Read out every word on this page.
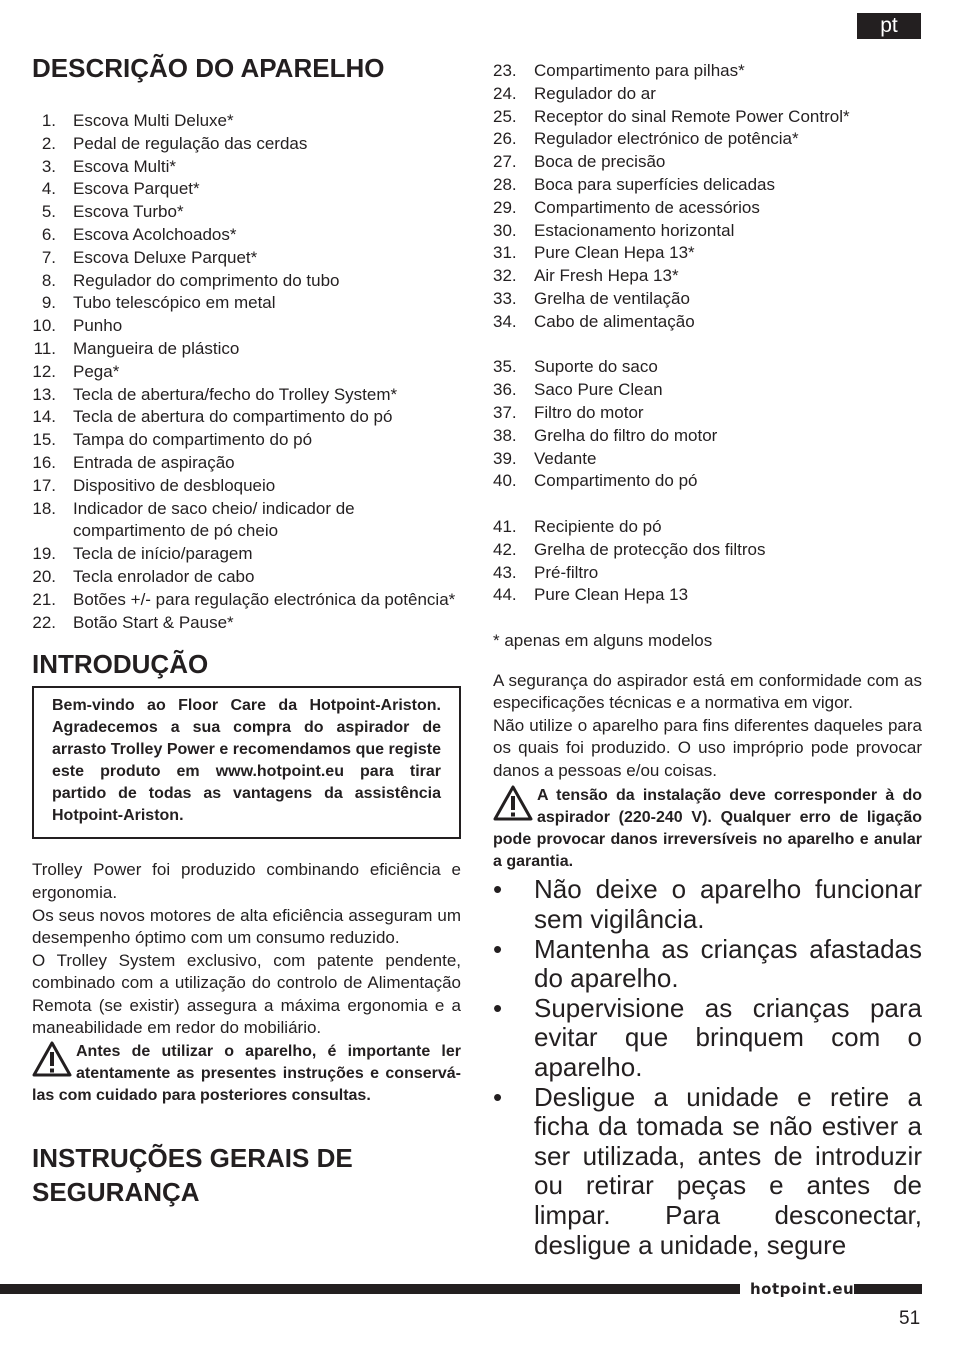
pt
DESCRIÇÃO DO APARELHO
1. Escova Multi Deluxe*
2. Pedal de regulação das cerdas
3. Escova Multi*
4. Escova Parquet*
5. Escova Turbo*
6. Escova Acolchoados*
7. Escova Deluxe Parquet*
8. Regulador do comprimento do tubo
9. Tubo telescópico em metal
10. Punho
11. Mangueira de plástico
12. Pega*
13. Tecla de abertura/fecho do Trolley System*
14. Tecla de abertura do compartimento do pó
15. Tampa do compartimento do pó
16. Entrada de aspiração
17. Dispositivo de desbloqueio
18. Indicador de saco cheio/ indicador de compartimento de pó cheio
19. Tecla de início/paragem
20. Tecla enrolador de cabo
21. Botões +/- para regulação electrónica da potência*
22. Botão Start & Pause*
INTRODUÇÃO
Bem-vindo ao Floor Care da Hotpoint-Ariston. Agradecemos a sua compra do aspirador de arrasto Trolley Power e recomendamos que registe este produto em www.hotpoint.eu para tirar partido de todas as vantagens da assistência Hotpoint-Ariston.

Trolley Power foi produzido combinando eficiência e ergonomia.

Os seus novos motores de alta eficiência asseguram um desempenho óptimo com um consumo reduzido.

O Trolley System exclusivo, com patente pendente, combinado com a utilização do controlo de Alimentação Remota (se existir) assegura a máxima ergonomia e a maneabilidade em redor do mobiliário.

Antes de utilizar o aparelho, é importante ler atentamente as presentes instruções e conservá-las com cuidado para posteriores consultas.
INSTRUÇÕES GERAIS DE SEGURANÇA
23. Compartimento para pilhas*
24. Regulador do ar
25. Receptor do sinal Remote Power Control*
26. Regulador electrónico de potência*
27. Boca de precisão
28. Boca para superfícies delicadas
29. Compartimento de acessórios
30. Estacionamento horizontal
31. Pure Clean Hepa 13*
32. Air Fresh Hepa 13*
33. Grelha de ventilação
34. Cabo de alimentação
35. Suporte do saco
36. Saco Pure Clean
37. Filtro do motor
38. Grelha do filtro do motor
39. Vedante
40. Compartimento do pó
41. Recipiente do pó
42. Grelha de protecção dos filtros
43. Pré-filtro
44. Pure Clean Hepa 13

* apenas em alguns modelos

A segurança do aspirador está em conformidade com as especificações técnicas e a normativa em vigor.

Não utilize o aparelho para fins diferentes daqueles para os quais foi produzido. O uso impróprio pode provocar danos a pessoas e/ou coisas.

A tensão da instalação deve corresponder à do aspirador (220-240 V). Qualquer erro de ligação pode provocar danos irreversíveis no aparelho e anular a garantia.
• Não deixe o aparelho funcionar sem vigilância.
• Mantenha as crianças afastadas do aparelho.
• Supervisione as crianças para evitar que brinquem com o aparelho.
• Desligue a unidade e retire a ficha da tomada se não estiver a ser utilizada, antes de introduzir ou retirar peças e antes de limpar. Para desconectar, desligue a unidade, segure
hotpoint.eu
51
